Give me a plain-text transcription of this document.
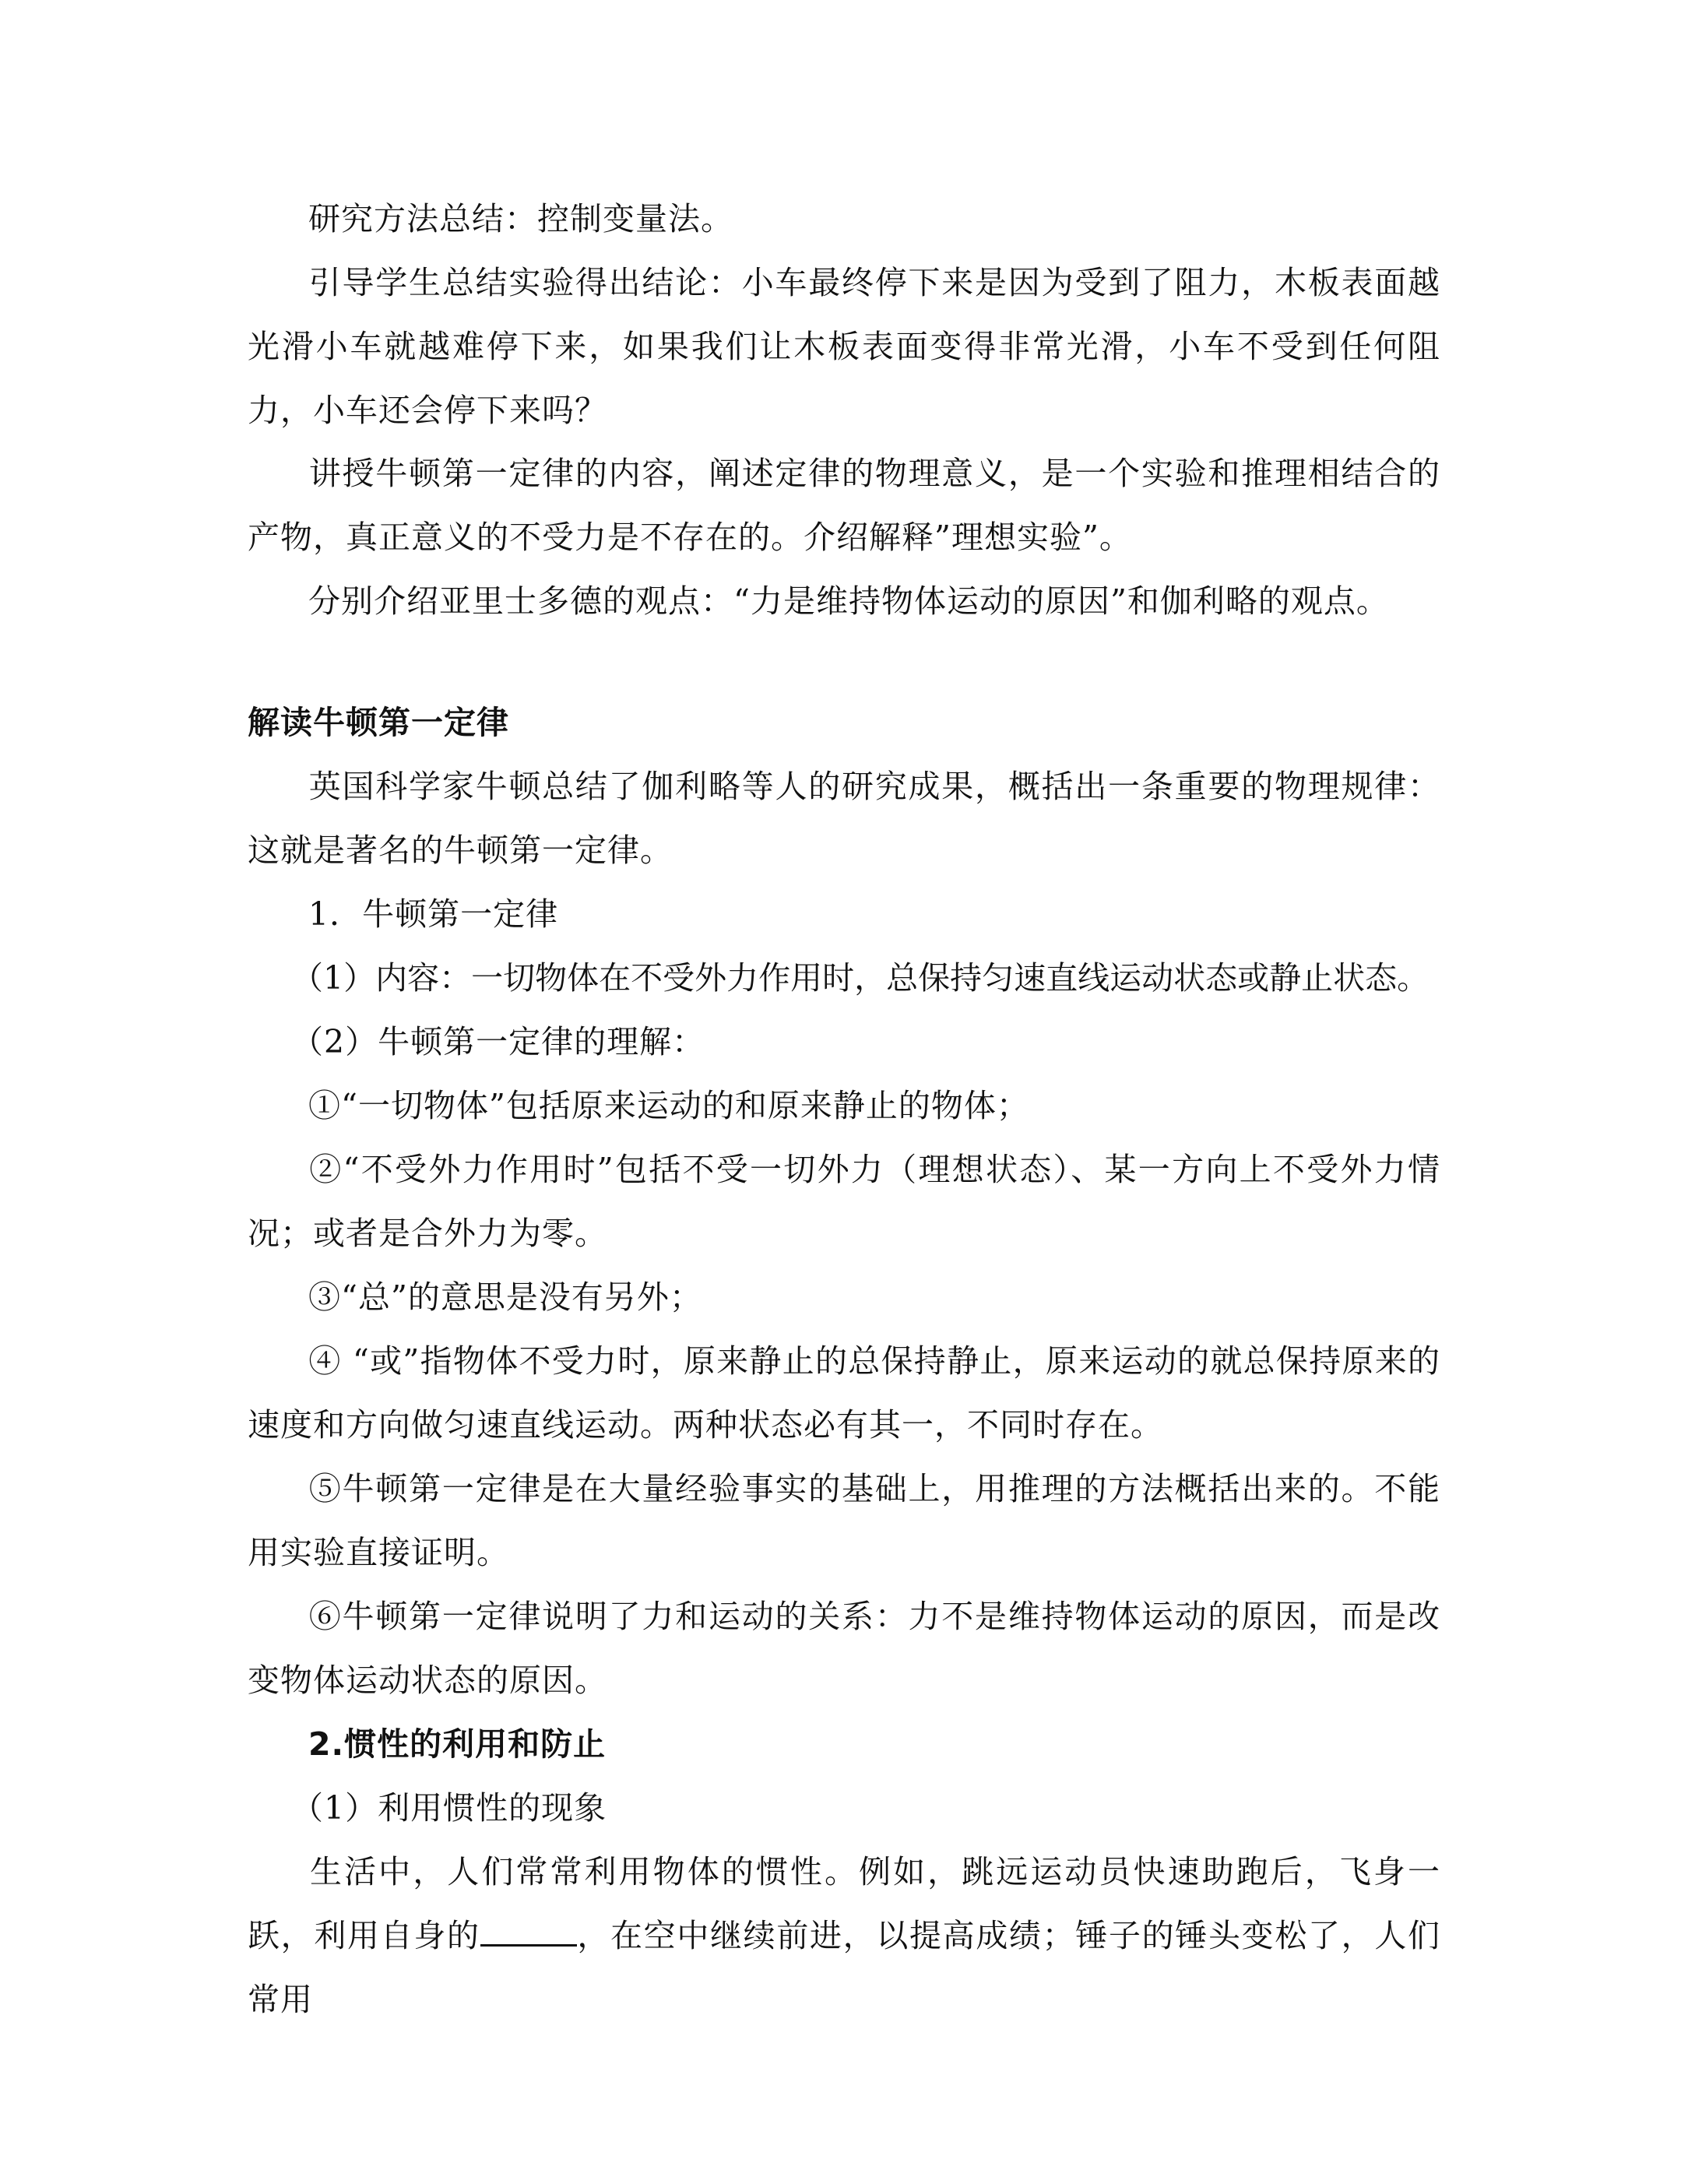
研究方法总结：控制变量法。

引导学生总结实验得出结论：小车最终停下来是因为受到了阻力，木板表面越光滑小车就越难停下来，如果我们让木板表面变得非常光滑，小车不受到任何阻力，小车还会停下来吗？

讲授牛顿第一定律的内容，阐述定律的物理意义，是一个实验和推理相结合的产物，真正意义的不受力是不存在的。介绍解释”理想实验”。

分别介绍亚里士多德的观点：“力是维持物体运动的原因”和伽利略的观点。

解读牛顿第一定律

英国科学家牛顿总结了伽利略等人的研究成果，概括出一条重要的物理规律：这就是著名的牛顿第一定律。

1．牛顿第一定律

（1）内容：一切物体在不受外力作用时，总保持匀速直线运动状态或静止状态。

（2）牛顿第一定律的理解：

①“一切物体”包括原来运动的和原来静止的物体；

②“不受外力作用时”包括不受一切外力（理想状态）、某一方向上不受外力情况；或者是合外力为零。

③“总”的意思是没有另外；

④ “或”指物体不受力时，原来静止的总保持静止，原来运动的就总保持原来的速度和方向做匀速直线运动。两种状态必有其一，不同时存在。

⑤牛顿第一定律是在大量经验事实的基础上，用推理的方法概括出来的。不能用实验直接证明。

⑥牛顿第一定律说明了力和运动的关系：力不是维持物体运动的原因，而是改变物体运动状态的原因。

2.惯性的利用和防止

（1）利用惯性的现象

生活中，人们常常利用物体的惯性。例如，跳远运动员快速助跑后，飞身一跃，利用自身的	，在空中继续前进，以提高成绩；锤子的锤头变松了，人们常用
